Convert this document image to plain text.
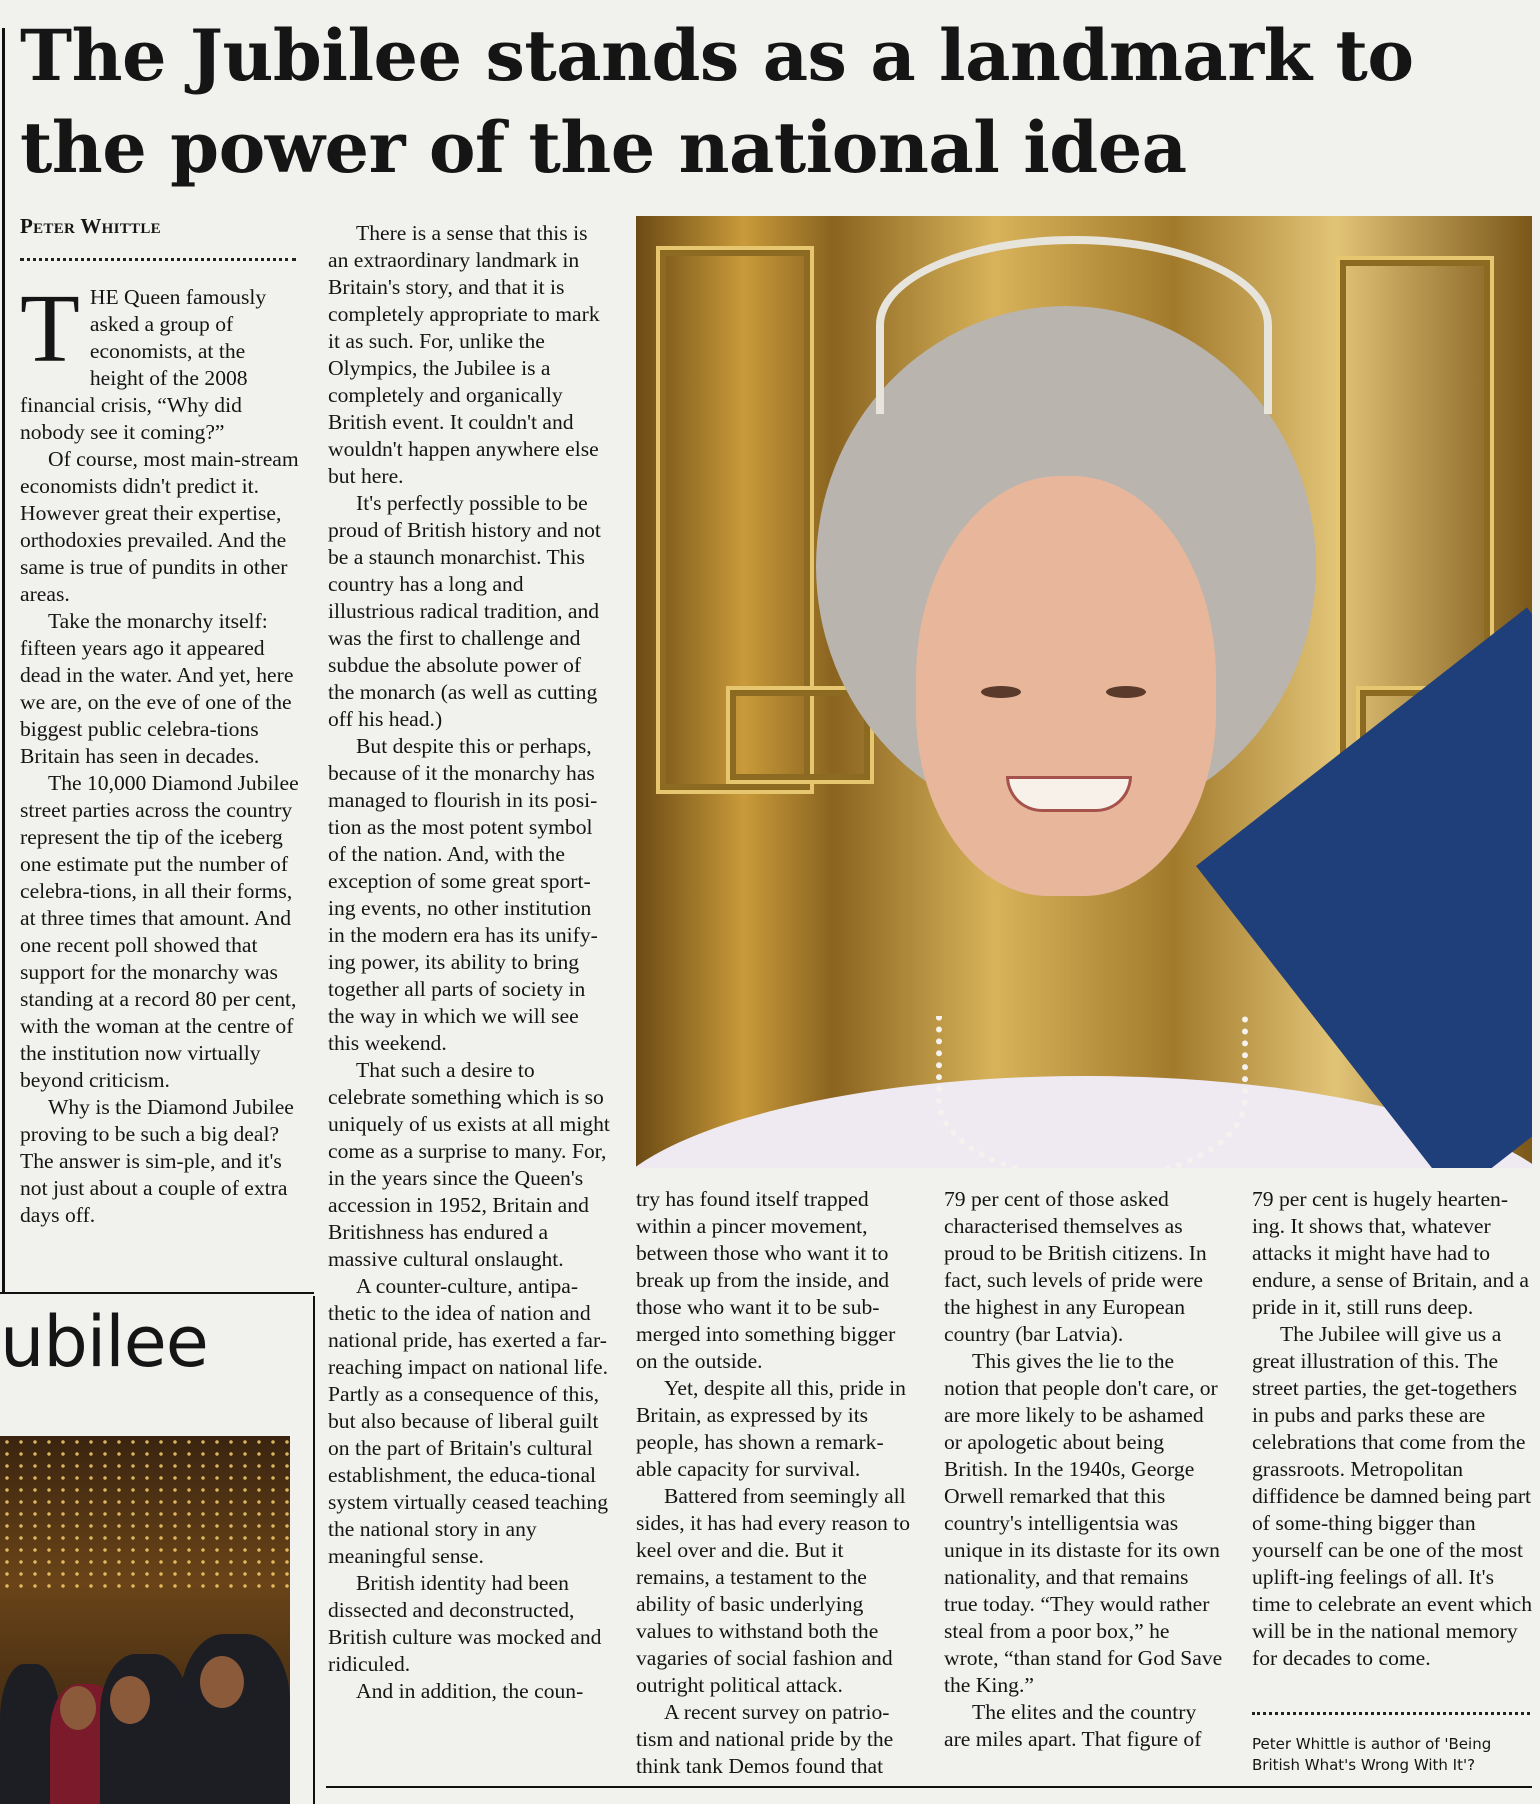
The Jubilee stands as a landmark to the power of the national idea
Peter Whittle

THE Queen famously asked a group of economists, at the height of the 2008 financial crisis, “Why did nobody see it coming?”

Of course, most main-stream economists didn't predict it. However great their expertise, orthodoxies prevailed. And the same is true of pundits in other areas.

Take the monarchy itself: fifteen years ago it appeared dead in the water. And yet, here we are, on the eve of one of the biggest public celebra-tions Britain has seen in decades.

The 10,000 Diamond Jubilee street parties across the country represent the tip of the iceberg one estimate put the number of celebra-tions, in all their forms, at three times that amount. And one recent poll showed that support for the monarchy was standing at a record 80 per cent, with the woman at the centre of the institution now virtually beyond criticism.

Why is the Diamond Jubilee proving to be such a big deal? The answer is sim-ple, and it's not just about a couple of extra days off.

There is a sense that this is an extraordinary landmark in Britain's story, and that it is completely appropriate to mark it as such. For, unlike the Olympics, the Jubilee is a completely and organically British event. It couldn't and wouldn't happen anywhere else but here.

It's perfectly possible to be proud of British history and not be a staunch monarchist. This country has a long and illustrious radical tradition, and was the first to challenge and subdue the absolute power of the monarch (as well as cutting off his head.)

But despite this or perhaps, because of it the monarchy has managed to flourish in its posi-tion as the most potent symbol of the nation. And, with the exception of some great sport-ing events, no other institution in the modern era has its unify-ing power, its ability to bring together all parts of society in the way in which we will see this weekend.

That such a desire to celebrate something which is so uniquely of us exists at all might come as a surprise to many. For, in the years since the Queen's accession in 1952, Britain and Britishness has endured a massive cultural onslaught.

A counter-culture, antipa-thetic to the idea of nation and national pride, has exerted a far-reaching impact on national life. Partly as a consequence of this, but also because of liberal guilt on the part of Britain's cultural establishment, the educa-tional system virtually ceased teaching the national story in any meaningful sense.

British identity had been dissected and deconstructed, British culture was mocked and ridiculed.

And in addition, the coun-

try has found itself trapped within a pincer movement, between those who want it to break up from the inside, and those who want it to be sub-merged into something bigger on the outside.

Yet, despite all this, pride in Britain, as expressed by its people, has shown a remark-able capacity for survival.

Battered from seemingly all sides, it has had every reason to keel over and die. But it remains, a testament to the ability of basic underlying values to withstand both the vagaries of social fashion and outright political attack.

A recent survey on patrio-tism and national pride by the think tank Demos found that

79 per cent of those asked characterised themselves as proud to be British citizens. In fact, such levels of pride were the highest in any European country (bar Latvia).

This gives the lie to the notion that people don't care, or are more likely to be ashamed or apologetic about being British. In the 1940s, George Orwell remarked that this country's intelligentsia was unique in its distaste for its own nationality, and that remains true today. “They would rather steal from a poor box,” he wrote, “than stand for God Save the King.”

The elites and the country are miles apart. That figure of

79 per cent is hugely hearten-ing. It shows that, whatever attacks it might have had to endure, a sense of Britain, and a pride in it, still runs deep.

The Jubilee will give us a great illustration of this. The street parties, the get-togethers in pubs and parks these are celebrations that come from the grassroots. Metropolitan diffidence be damned being part of some-thing bigger than yourself can be one of the most uplift-ing feelings of all. It's time to celebrate an event which will be in the national memory for decades to come.

Peter Whittle is author of 'Being British What's Wrong With It'?
ubilee
